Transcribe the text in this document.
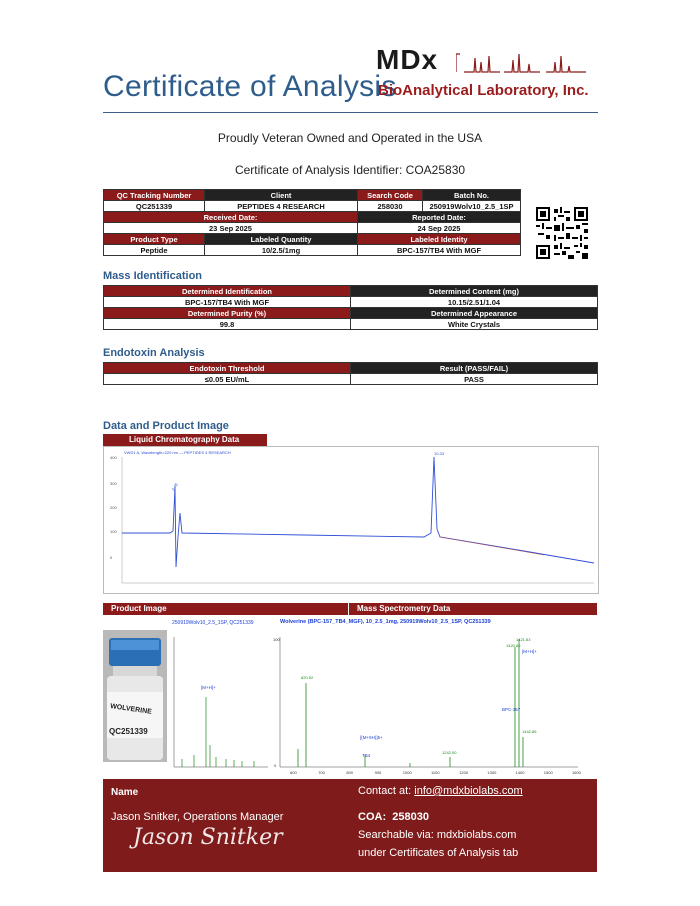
Certificate of Analysis
MDx
BioAnalytical Laboratory, Inc.
Proudly Veteran Owned and Operated in the USA
Certificate of Analysis Identifier: COA25830
QC Tracking Number	Client	Search Code	Batch No.
QC251339	PEPTIDES 4 RESEARCH	258030	250919Wolv10_2.5_1SP
Received Date:		Reported Date:	
23 Sep 2025		24 Sep 2025	
Product Type	Labeled Quantity	Labeled Identity	
Peptide	10/2.5/1mg	BPC-157/TB4 With MGF	
Mass Identification
Determined Identification	Determined Content (mg)
BPC-157/TB4 With MGF	10.15/2.51/1.04
Determined Purity (%)	Determined Appearance
99.8	White Crystals
Endotoxin Analysis
Endotoxin Threshold	Result (PASS/FAIL)
≤0.05 EU/mL	PASS
Data and Product Image
Liquid Chromatography Data
400
300
200
100
0
VWD1 A, Wavelength=220 nm — PEPTIDES 4 RESEARCH	10.33
2.46
Product Image	Mass Spectrometry Data
WOLVERINE
QC251339
250919Wolv10_2.5_1SP, QC251339	Wolverine (BPC-157_TB4_MGF), 10_2.5_1mg, 250919Wolv10_2.5_1SP, QC251339
[M+H]+
100
0
1421.83
1420.86
820.92
1442.85
1242.00
[M+H]+
BPC-157
[(M+5H)]5+
TB4
600	700	800	900	1000	1100	1200	1300	1400	1500	1600
Name
Jason Snitker, Operations Manager
Jason Snitker
Contact at: info@mdxbiolabs.com
COA: 258030
Searchable via: mdxbiolabs.com
under Certificates of Analysis tab
